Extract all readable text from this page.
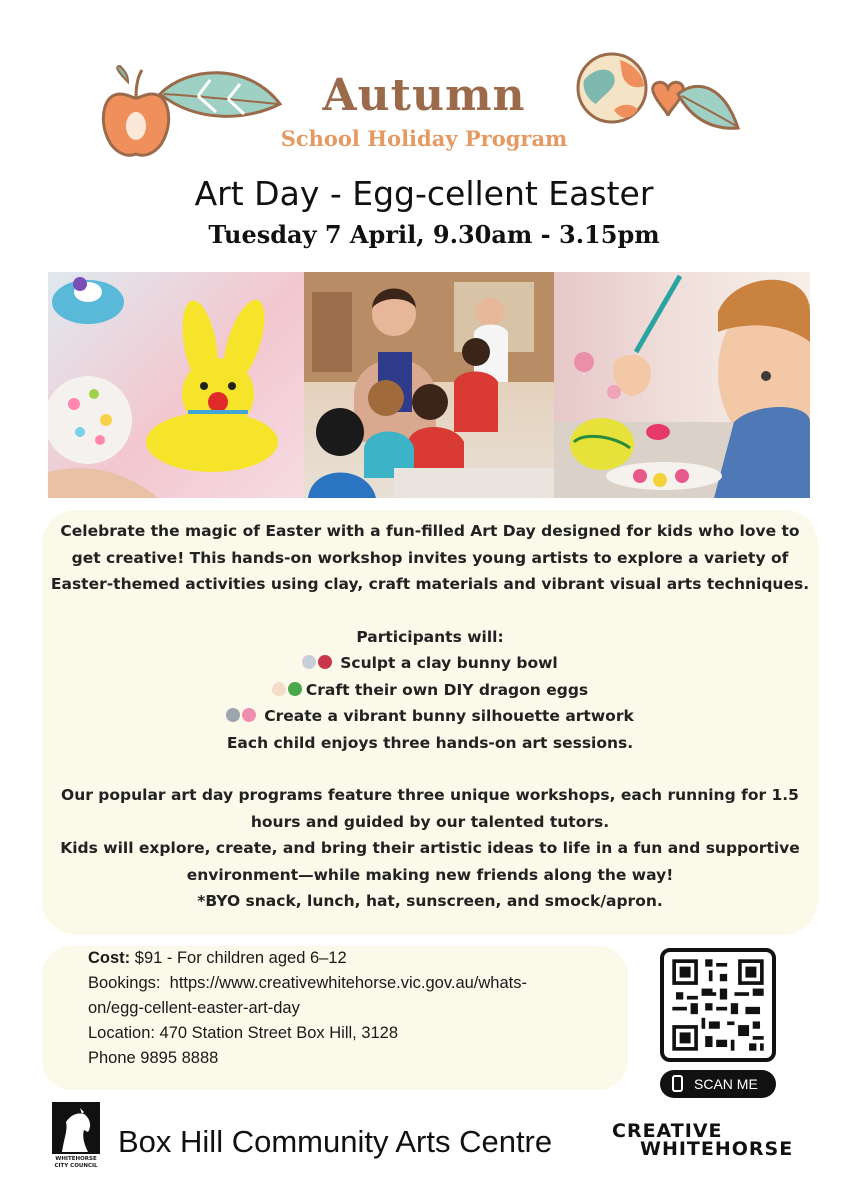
Autumn
School Holiday Program
Art Day - Egg-cellent Easter
Tuesday 7 April, 9.30am - 3.15pm
Celebrate the magic of Easter with a fun-filled Art Day designed for kids who love to
get creative! This hands-on workshop invites young artists to explore a variety of
Easter-themed activities using clay, craft materials and vibrant visual arts techniques.
Participants will:
Sculpt a clay bunny bowl
Craft their own DIY dragon eggs
Create a vibrant bunny silhouette artwork
Each child enjoys three hands-on art sessions.
Our popular art day programs feature three unique workshops, each running for 1.5
hours and guided by our talented tutors.
Kids will explore, create, and bring their artistic ideas to life in a fun and supportive
environment—while making new friends along the way!
*BYO snack, lunch, hat, sunscreen, and smock/apron.
Cost: $91 - For children aged 6–12
Bookings: https://www.creativewhitehorse.vic.gov.au/whats-
on/egg-cellent-easter-art-day
Location: 470 Station Street Box Hill, 3128
Phone 9895 8888
SCAN ME
WHITEHORSE
CITY COUNCIL
Box Hill Community Arts Centre	CREATIVE
WHITEHORSE
